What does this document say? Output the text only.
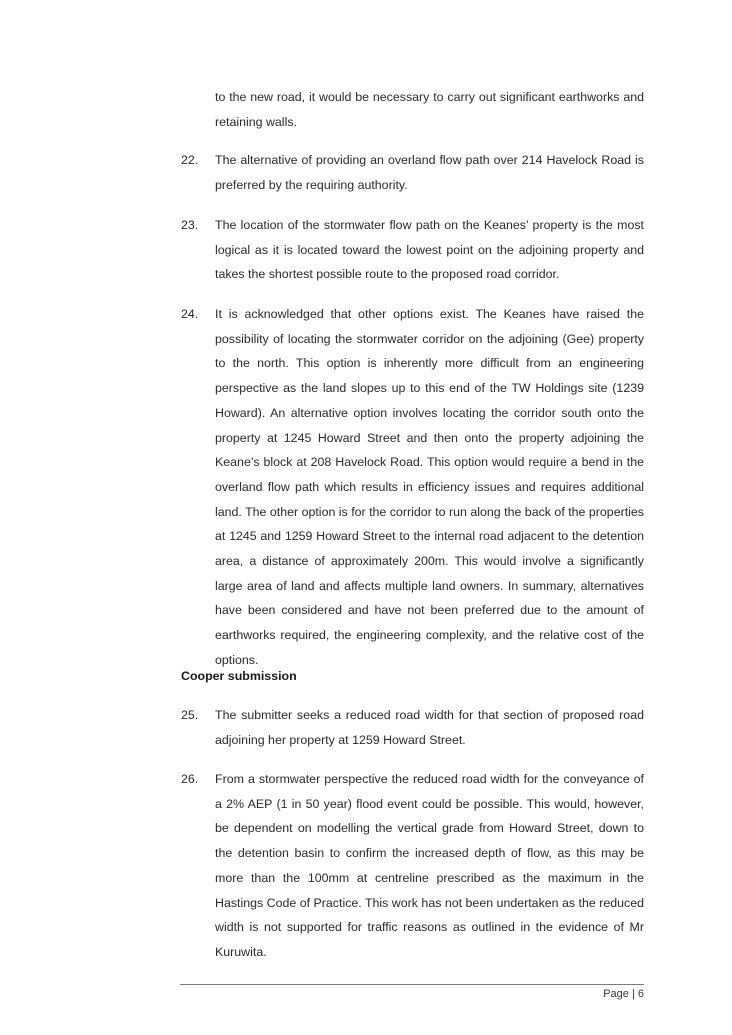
to the new road, it would be necessary to carry out significant earthworks and retaining walls.

22. The alternative of providing an overland flow path over 214 Havelock Road is preferred by the requiring authority.

23. The location of the stormwater flow path on the Keanes’ property is the most logical as it is located toward the lowest point on the adjoining property and takes the shortest possible route to the proposed road corridor.

24. It is acknowledged that other options exist. The Keanes have raised the possibility of locating the stormwater corridor on the adjoining (Gee) property to the north. This option is inherently more difficult from an engineering perspective as the land slopes up to this end of the TW Holdings site (1239 Howard). An alternative option involves locating the corridor south onto the property at 1245 Howard Street and then onto the property adjoining the Keane’s block at 208 Havelock Road. This option would require a bend in the overland flow path which results in efficiency issues and requires additional land. The other option is for the corridor to run along the back of the properties at 1245 and 1259 Howard Street to the internal road adjacent to the detention area, a distance of approximately 200m. This would involve a significantly large area of land and affects multiple land owners. In summary, alternatives have been considered and have not been preferred due to the amount of earthworks required, the engineering complexity, and the relative cost of the options.

Cooper submission
25. The submitter seeks a reduced road width for that section of proposed road adjoining her property at 1259 Howard Street.

26. From a stormwater perspective the reduced road width for the conveyance of a 2% AEP (1 in 50 year) flood event could be possible. This would, however, be dependent on modelling the vertical grade from Howard Street, down to the detention basin to confirm the increased depth of flow, as this may be more than the 100mm at centreline prescribed as the maximum in the Hastings Code of Practice. This work has not been undertaken as the reduced width is not supported for traffic reasons as outlined in the evidence of Mr Kuruwita.

Page | 6
